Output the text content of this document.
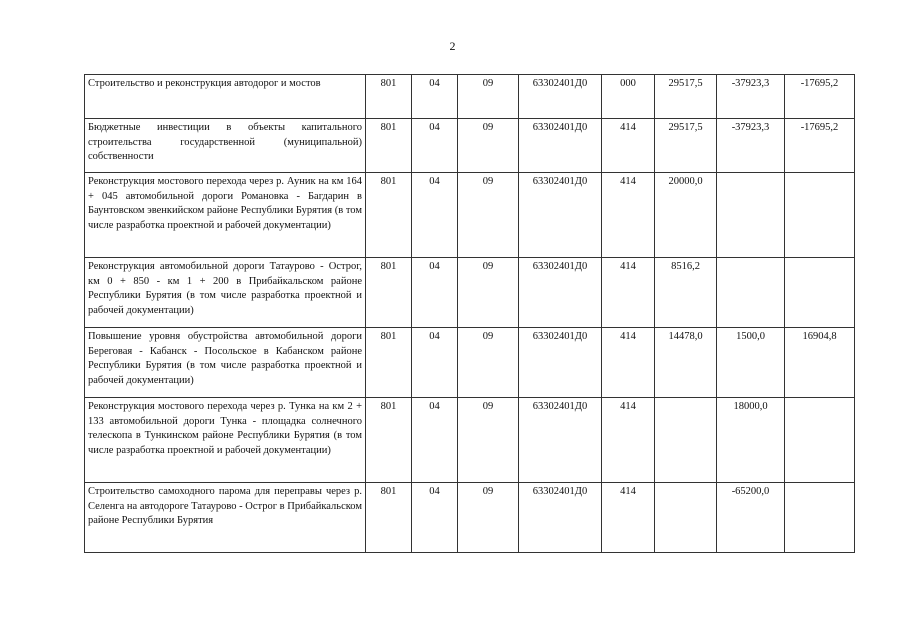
2
Строительство и реконструкция автодорог и мостов	801	04	09	63302401Д0	000	29517,5	-37923,3	-17695,2
Бюджетные инвестиции в объекты капитального строительства государственной (муниципальной) собственности	801	04	09	63302401Д0	414	29517,5	-37923,3	-17695,2
Реконструкция мостового перехода через р. Ауник на км 164 + 045 автомобильной дороги Романовка - Багдарин в Баунтовском эвенкийском районе Республики Бурятия (в том числе разработка проектной и рабочей документации)	801	04	09	63302401Д0	414	20000,0		
Реконструкция автомобильной дороги Татаурово - Острог, км 0 + 850 - км 1 + 200 в Прибайкальском районе Республики Бурятия (в том числе разработка проектной и рабочей документации)	801	04	09	63302401Д0	414	8516,2		
Повышение уровня обустройства автомобильной дороги Береговая - Кабанск - Посольское в Кабанском районе Республики Бурятия (в том числе разработка проектной и рабочей документации)	801	04	09	63302401Д0	414	14478,0	1500,0	16904,8
Реконструкция мостового перехода через р. Тунка на км 2 + 133 автомобильной дороги Тунка - площадка солнечного телескопа в Тункинском районе Республики Бурятия (в том числе разработка проектной и рабочей документации)	801	04	09	63302401Д0	414		18000,0	
Строительство самоходного парома для переправы через р. Селенга на автодороге Татаурово - Острог в Прибайкальском районе Республики Бурятия	801	04	09	63302401Д0	414		-65200,0	
